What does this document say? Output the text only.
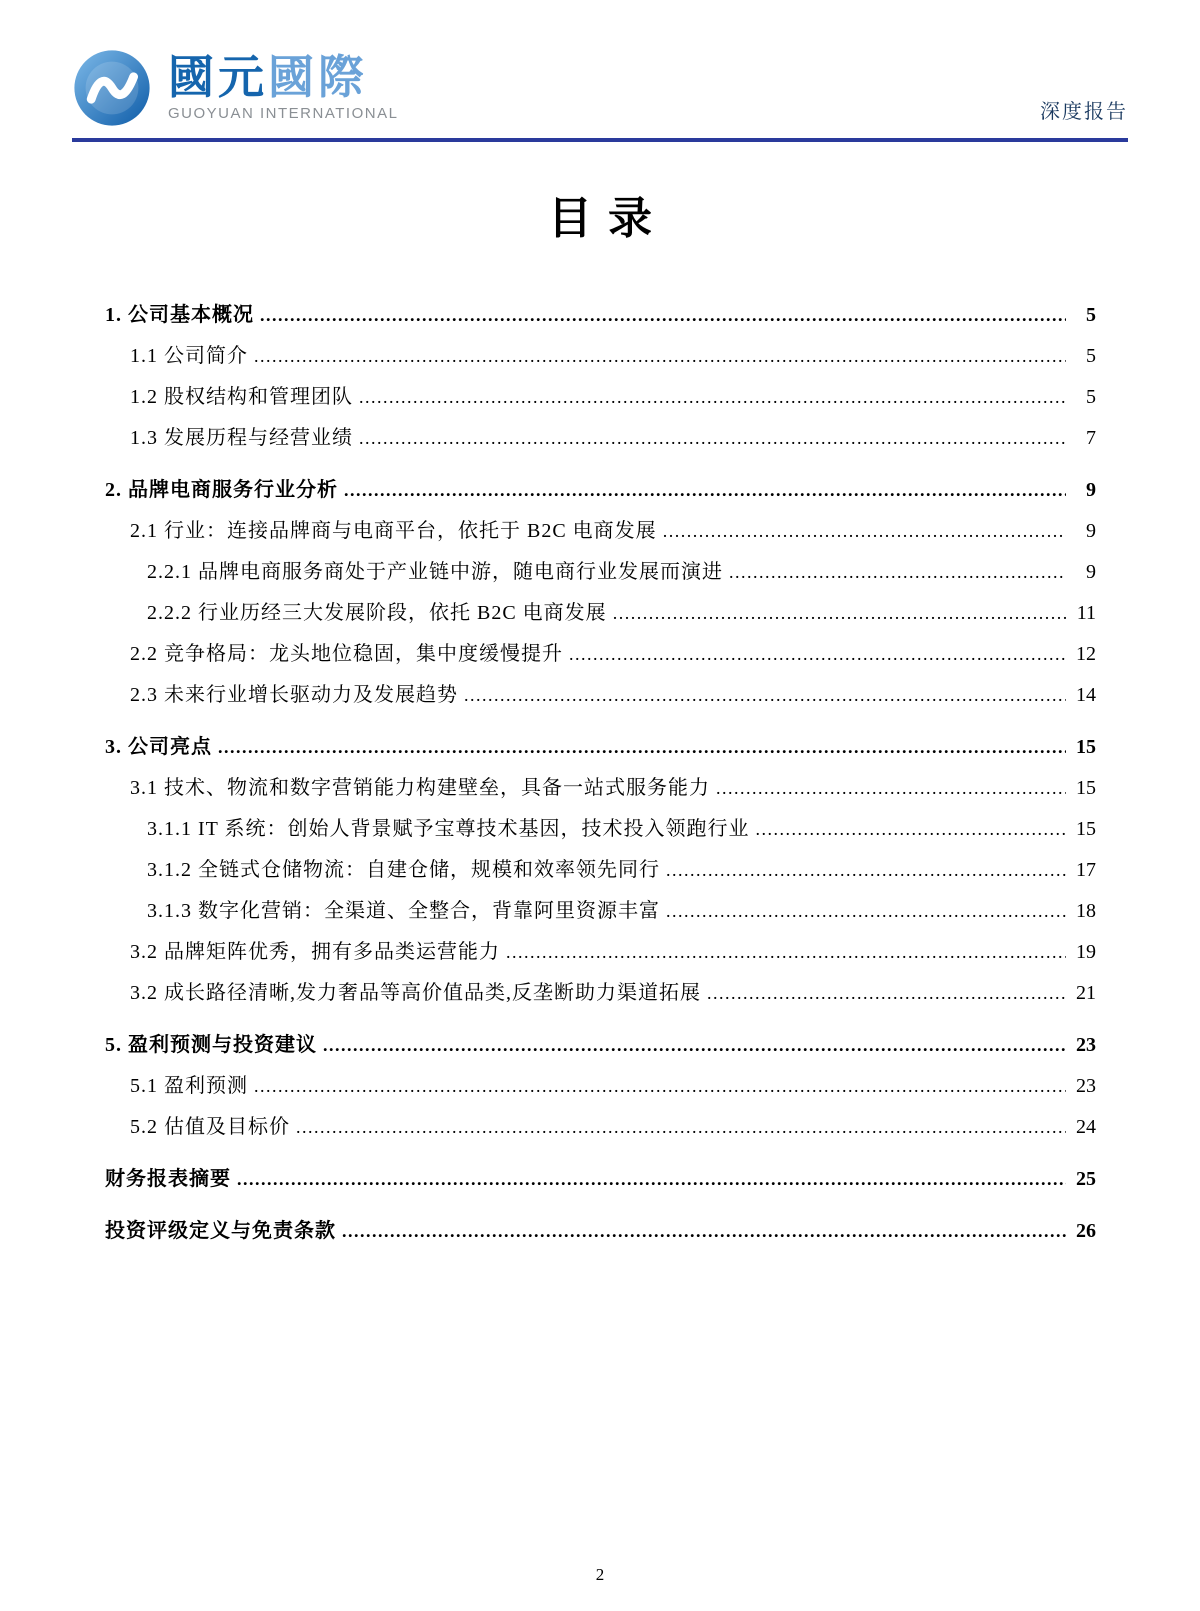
國元國際
GUOYUAN INTERNATIONAL	深度报告
目录
1. 公司基本概况 .....	5
1.1 公司简介 .....	5
1.2 股权结构和管理团队 .....	5
1.3 发展历程与经营业绩 .....	7
2. 品牌电商服务行业分析 .....	9
2.1 行业：连接品牌商与电商平台，依托于 B2C 电商发展 .....	9
2.2.1 品牌电商服务商处于产业链中游，随电商行业发展而演进 .....	9
2.2.2 行业历经三大发展阶段，依托 B2C 电商发展 .....	11
2.2 竞争格局：龙头地位稳固，集中度缓慢提升 .....	12
2.3 未来行业增长驱动力及发展趋势 .....	14
3. 公司亮点 .....	15
3.1 技术、物流和数字营销能力构建壁垒，具备一站式服务能力 .....	15
3.1.1 IT 系统：创始人背景赋予宝尊技术基因，技术投入领跑行业 .....	15
3.1.2 全链式仓储物流：自建仓储，规模和效率领先同行 .....	17
3.1.3 数字化营销：全渠道、全整合，背靠阿里资源丰富 .....	18
3.2 品牌矩阵优秀，拥有多品类运营能力 .....	19
3.2 成长路径清晰,发力奢品等高价值品类,反垄断助力渠道拓展 .....	21
5. 盈利预测与投资建议 .....	23
5.1 盈利预测 .....	23
5.2 估值及目标价 .....	24
财务报表摘要 .....	25
投资评级定义与免责条款 .....	26
2
